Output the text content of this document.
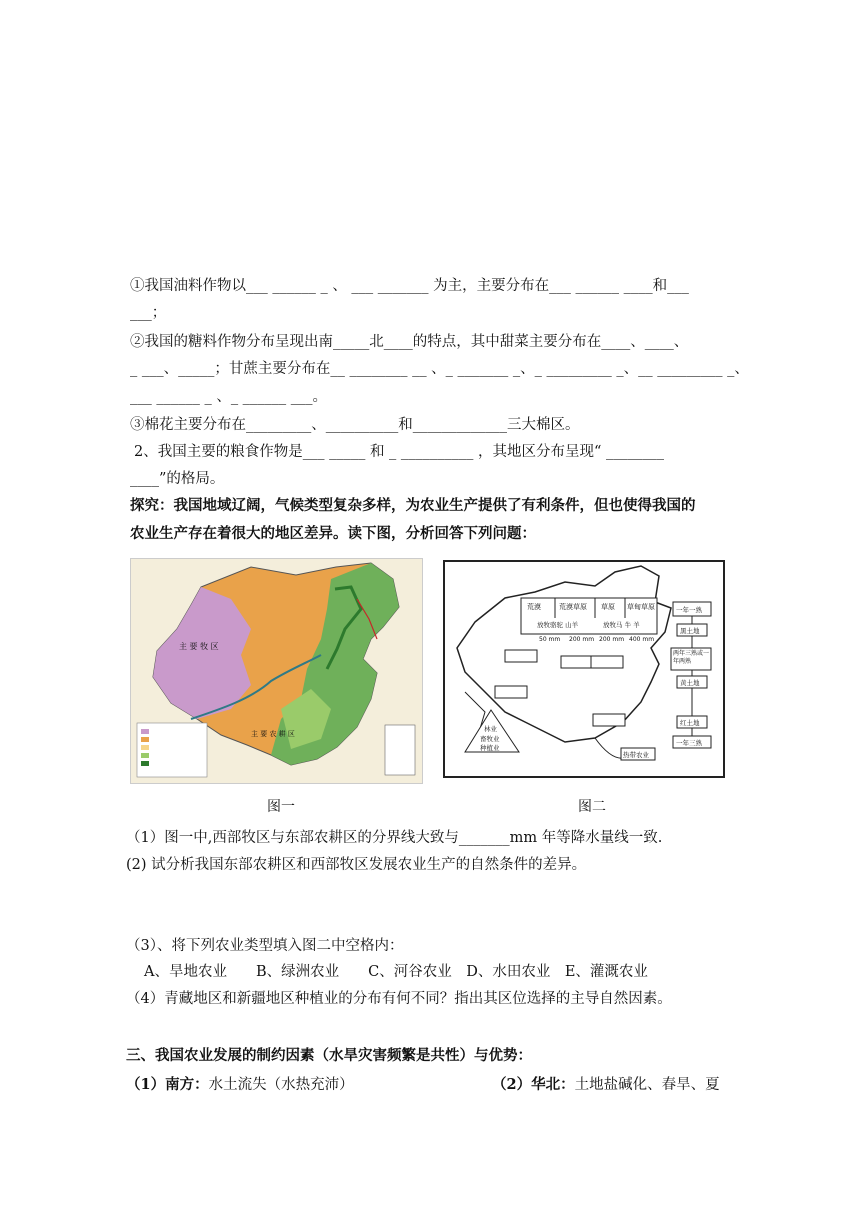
①我国油料作物以___ ______ _ 、 ___ _______ 为主，主要分布在___ ______ ____和___
___；
②我国的糖料作物分布呈现出南_____北____的特点，其中甜菜主要分布在____、____、
_ ___、_____；甘蔗主要分布在__ ________ __ 、_ _______ _、_ _________ _、__ _________ _、
___ ______ _ 、_ ______ ___。
③棉花主要分布在_________、__________和_____________三大棉区。
2、我国主要的粮食作物是___ _____ 和 _ __________ ，其地区分布呈现“ ________
____”的格局。
探究：我国地域辽阔，气候类型复杂多样，为农业生产提供了有利条件，但也使得我国的
农业生产存在着很大的地区差异。读下图，分析回答下列问题：
主 要 牧 区
主 要 农 耕 区
荒漠	荒漠草原 草原 草甸草原
放牧骆驼 山羊	放牧马 牛 羊
50 mm 200 mm 200 mm 400 mm
一年一熟
黑土地
两年三熟或一年两熟
黄土地
红土地
一年三熟
林业
畜牧业
种植业
热带农业
图一	图二
（1）图一中,西部牧区与东部农耕区的分界线大致与_______mm 年等降水量线一致.
(2) 试分析我国东部农耕区和西部牧区发展农业生产的自然条件的差异。
（3）、将下列农业类型填入图二中空格内：
A、旱地农业　　B、绿洲农业　　C、河谷农业　D、水田农业　E、灌溉农业
（4）青藏地区和新疆地区种植业的分布有何不同？指出其区位选择的主导自然因素。
三、我国农业发展的制约因素（水旱灾害频繁是共性）与优势：
（1）南方：水土流失（水热充沛）	（2）华北：土地盐碱化、春旱、夏
